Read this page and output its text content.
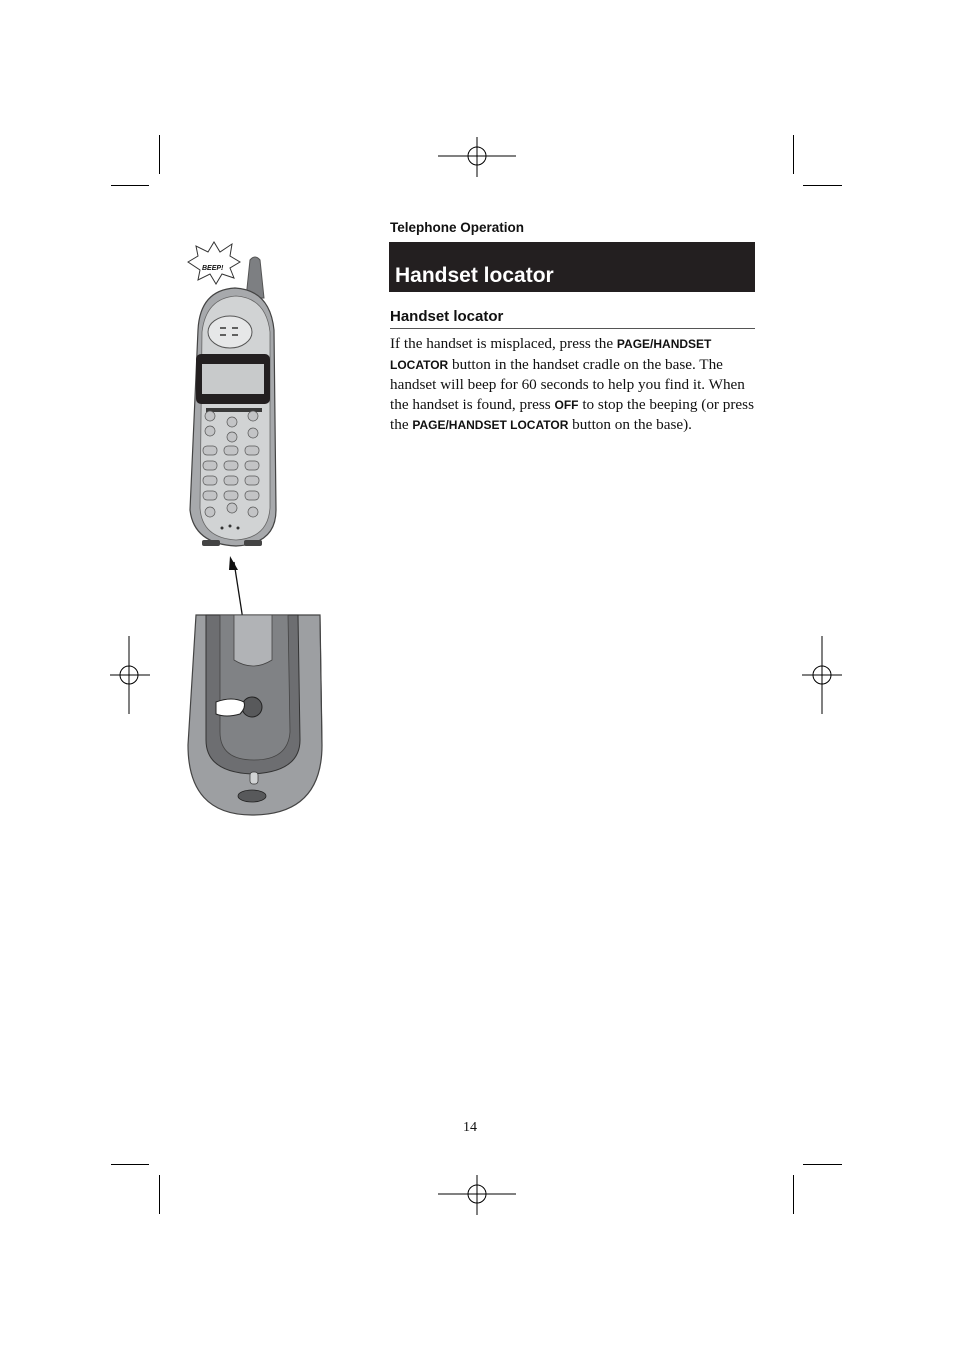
BEEP!
Telephone Operation
Handset locator
Handset locator
If the handset is misplaced, press the PAGE/HANDSET LOCATOR button in the handset cradle on the base. The handset will beep for 60 seconds to help you find it. When the handset is found, press OFF to stop the beeping (or press the PAGE/HANDSET LOCATOR button on the base).
14
